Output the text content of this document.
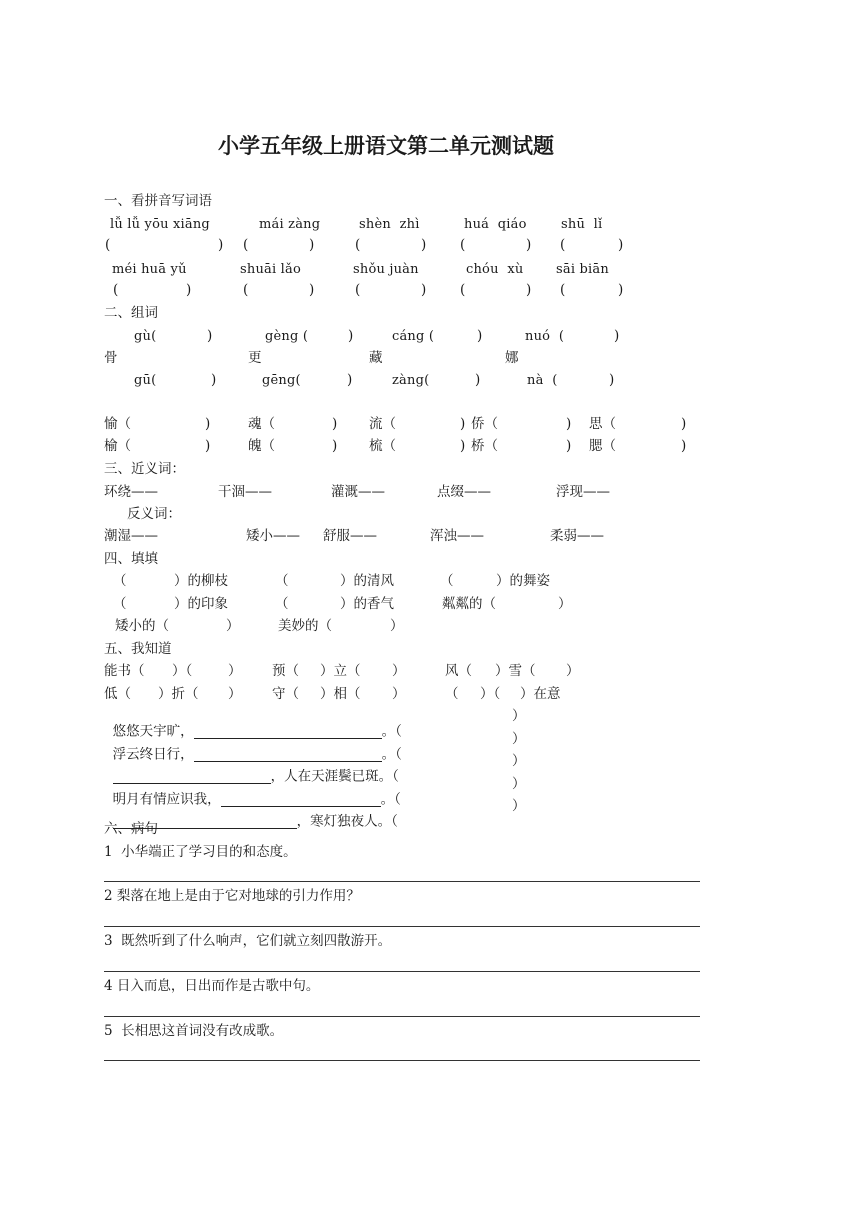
小学五年级上册语文第二单元测试题
一、看拼音写词语
lǚ lǚ yōu xiāng	mái zàng	shèn  zhì	huá  qiáo	shū  lǐ
(	) (	)	(	) (	) (	)
méi huā yǔ	shuāi lǎo	shǒu juàn	chóu  xù	sāi biān
(	)	(	)	(	) (	) (	)
二、组词
gù(	)	gèng (	)	cáng (	)	nuó  (	)
骨	更	藏	娜
gū(	)	gēng(	)	zàng(	)	nà  (	)
愉（	)	魂（	) 流（	) 侨（	) 思（	)
榆（	)	魄（	) 梳（	) 桥（	) 腮（	)
三、近义词：
环绕——	干涸——	灌溉——	点缀——	浮现——
反义词：
潮湿——	矮小—— 舒服——	浑浊——	柔弱——
四、填填
（	）的柳枝	（	）的清风	（	）的舞姿
（	）的印象	（	）的香气	粼粼的（	）
矮小的（	）	美妙的（	）
五、我知道
能书（ ）（	） 预（ ）立（ ）	风（ ）雪（ ）
低（ ）折（ ） 守（ ）相（ ）	（ ）（ ）在意

悠悠天宇旷，	。（

）

浮云终日行，	。（

）

，人在天涯鬓已斑。（

）

明月有情应识我，	。（

）

，寒灯独夜人。（

）
六、病句
1  小华端正了学习目的和态度。
2 梨落在地上是由于它对地球的引力作用？
3  既然听到了什么响声，它们就立刻四散游开。
4 日入而息，日出而作是古歌中句。
5  长相思这首词没有改成歌。
